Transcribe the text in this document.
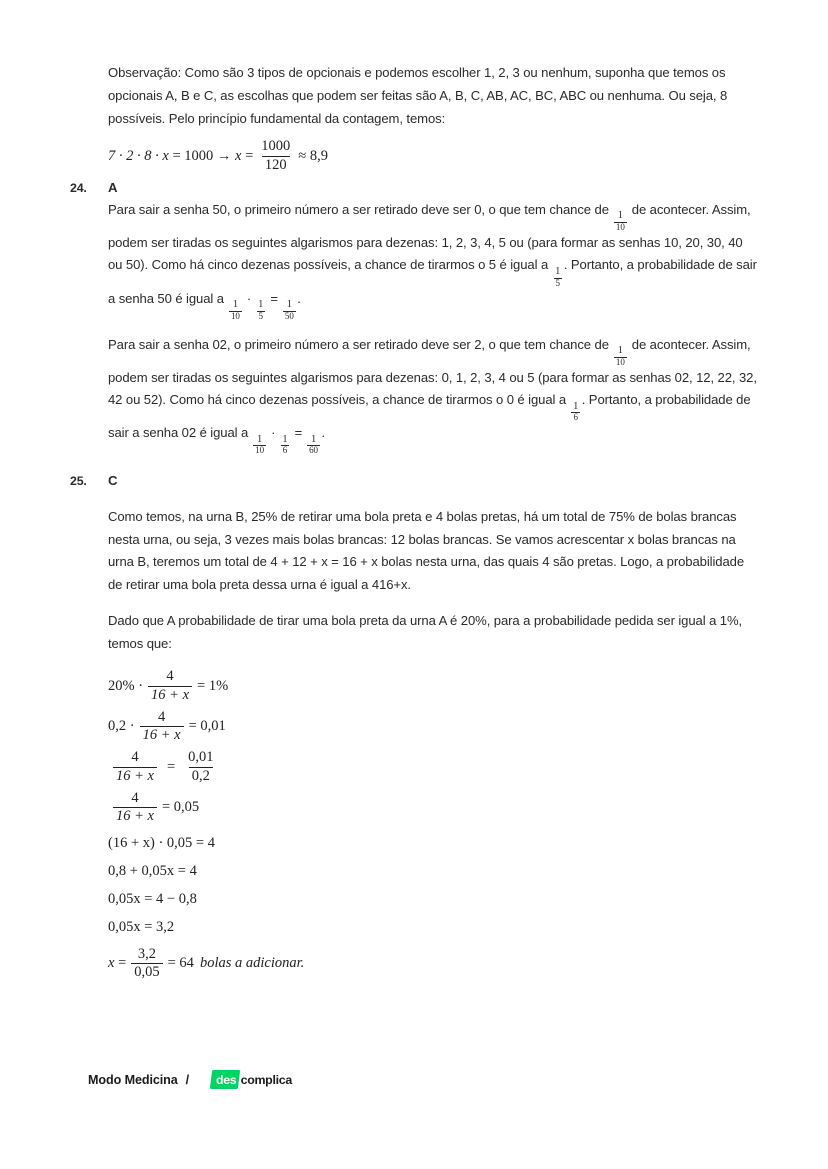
Observação: Como são 3 tipos de opcionais e podemos escolher 1, 2, 3 ou nenhum, suponha que temos os opcionais A, B e C, as escolhas que podem ser feitas são A, B, C, AB, AC, BC, ABC ou nenhuma. Ou seja, 8 possíveis. Pelo princípio fundamental da contagem, temos:

$7 \cdot 2 \cdot 8 \cdot x = 1000 \to x = \frac{1000}{120} \approx 8,9$
24.	A

Para sair a senha 50, o primeiro número a ser retirado deve ser 0, o que tem chance de
$\frac{1}{10}$
de acontecer. Assim, podem ser tiradas os seguintes algarismos para dezenas: 1, 2, 3, 4, 5 ou (para formar as senhas 10, 20, 30, 40 ou 50). Como há cinco dezenas possíveis, a chance de tirarmos o 5 é igual a
$\frac{1}{5}$
. Portanto, a probabilidade de sair a senha 50 é igual a
$\frac{1}{10}$
·
$\frac{1}{5}$
=
$\frac{1}{50}$
.

Para sair a senha 02, o primeiro número a ser retirado deve ser 2, o que tem chance de
$\frac{1}{10}$
de acontecer. Assim, podem ser tiradas os seguintes algarismos para dezenas: 0, 1, 2, 3, 4 ou 5 (para formar as senhas 02, 12, 22, 32, 42 ou 52). Como há cinco dezenas possíveis, a chance de tirarmos o 0 é igual a
$\frac{1}{6}$
. Portanto, a probabilidade de sair a senha 02 é igual a
$\frac{1}{10}$
·
$\frac{1}{6}$
=
$\frac{1}{60}$
.

25.	C

Como temos, na urna B, 25% de retirar uma bola preta e 4 bolas pretas, há um total de 75% de bolas brancas nesta urna, ou seja, 3 vezes mais bolas brancas: 12 bolas brancas. Se vamos acrescentar x bolas brancas na urna B, teremos um total de 4 + 12 + x = 16 + x bolas nesta urna, das quais 4 são pretas. Logo, a probabilidade de retirar uma bola preta dessa urna é igual a 416+x.

Dado que A probabilidade de tirar uma bola preta da urna A é 20%, para a probabilidade pedida ser igual a 1%, temos que:

$20\% \cdot \frac{4}{16 + x} = 1\%$
$0,2 \cdot \frac{4}{16 + x} = 0,01$
$\frac{4}{16 + x} = \frac{0,01}{0,2}$
$\frac{4}{16 + x} = 0,05$
(16 + x) · 0,05 = 4
0,8 + 0,05x = 4
0,05x = 4 − 0,8
0,05x = 3,2
$x = \frac{3,2}{0,05} = 64$ bolas a adicionar.
Modo Medicina /	des complica
